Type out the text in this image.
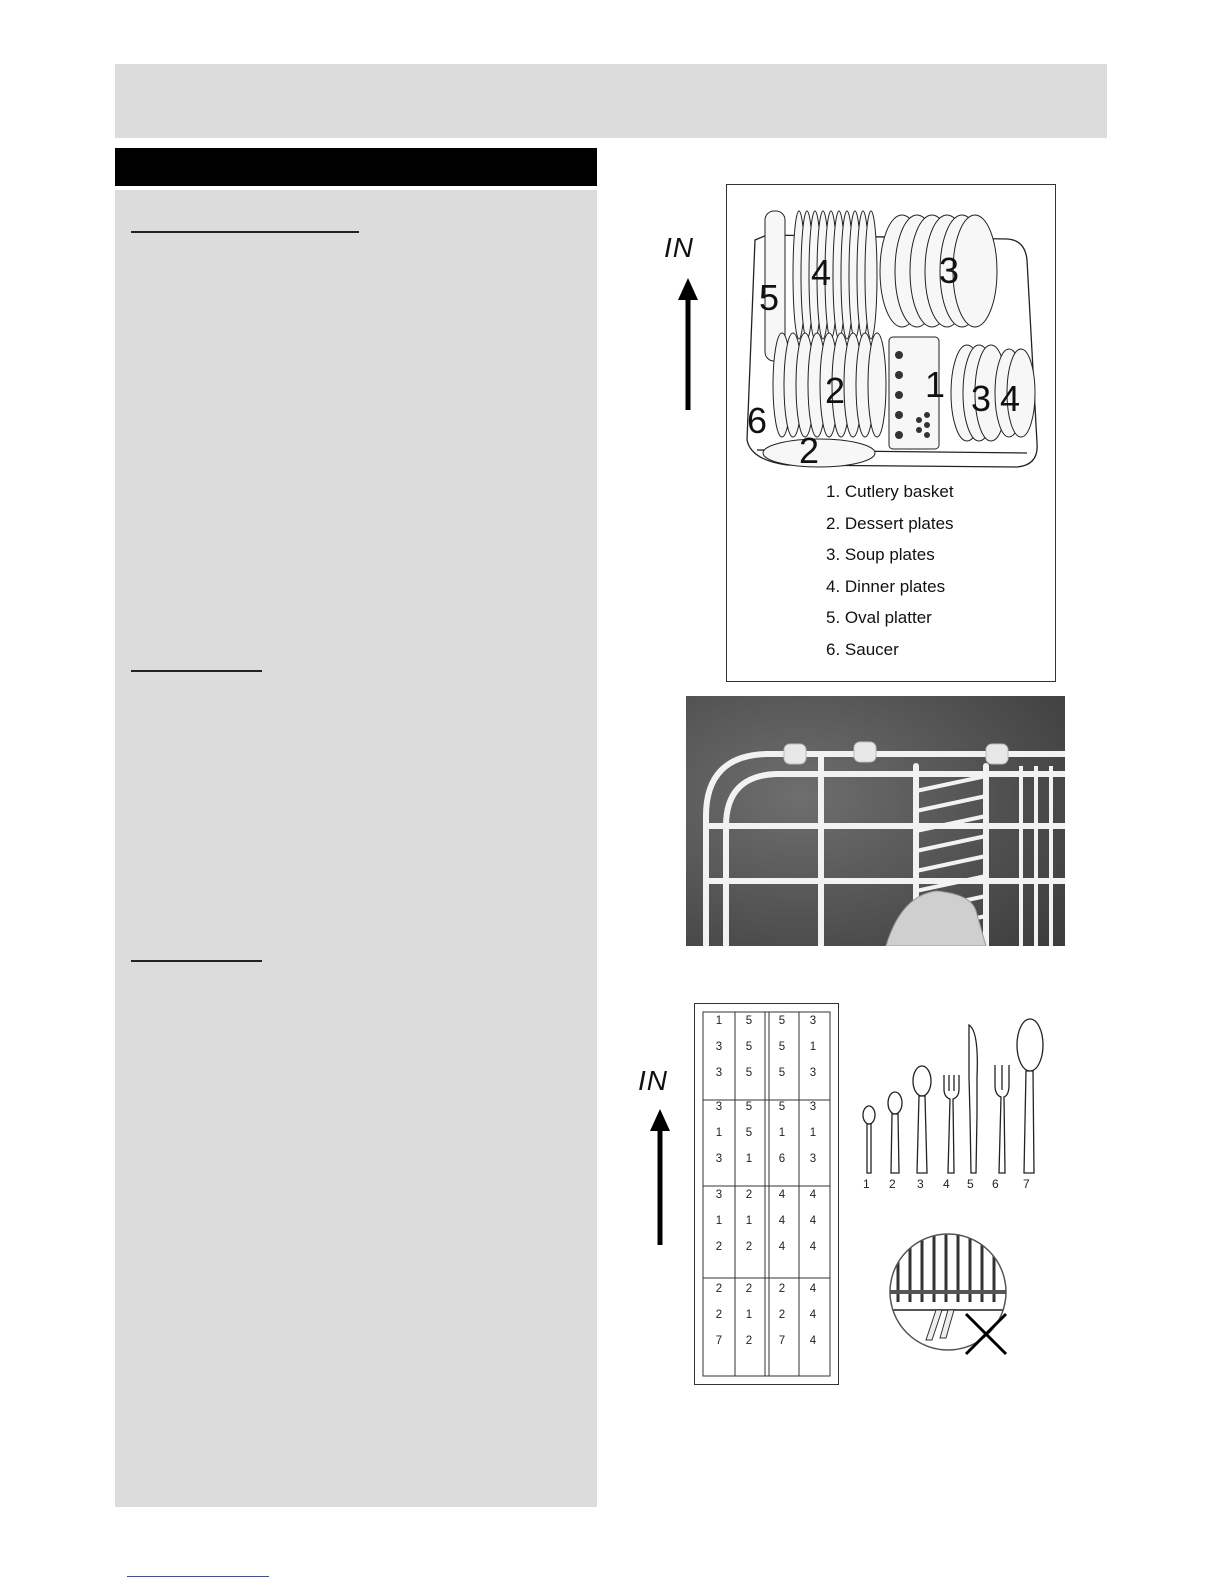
5
4	3
1
2	3 4
6
2
IN
1. Cutlery basket
2. Dessert plates
3. Soup plates
4. Dinner plates
5. Oval platter
6. Saucer
IN
1	5	5	3
3	5	5	1
3	5	5	3
3	5	5	3
1	5	1	1
3	1	6	3
3	2	4	4
1	1	4	4
2	2	4	4
2	2	2	4
2	1	2	4
7	2	7	4
1 2 3 4 5 6 7
